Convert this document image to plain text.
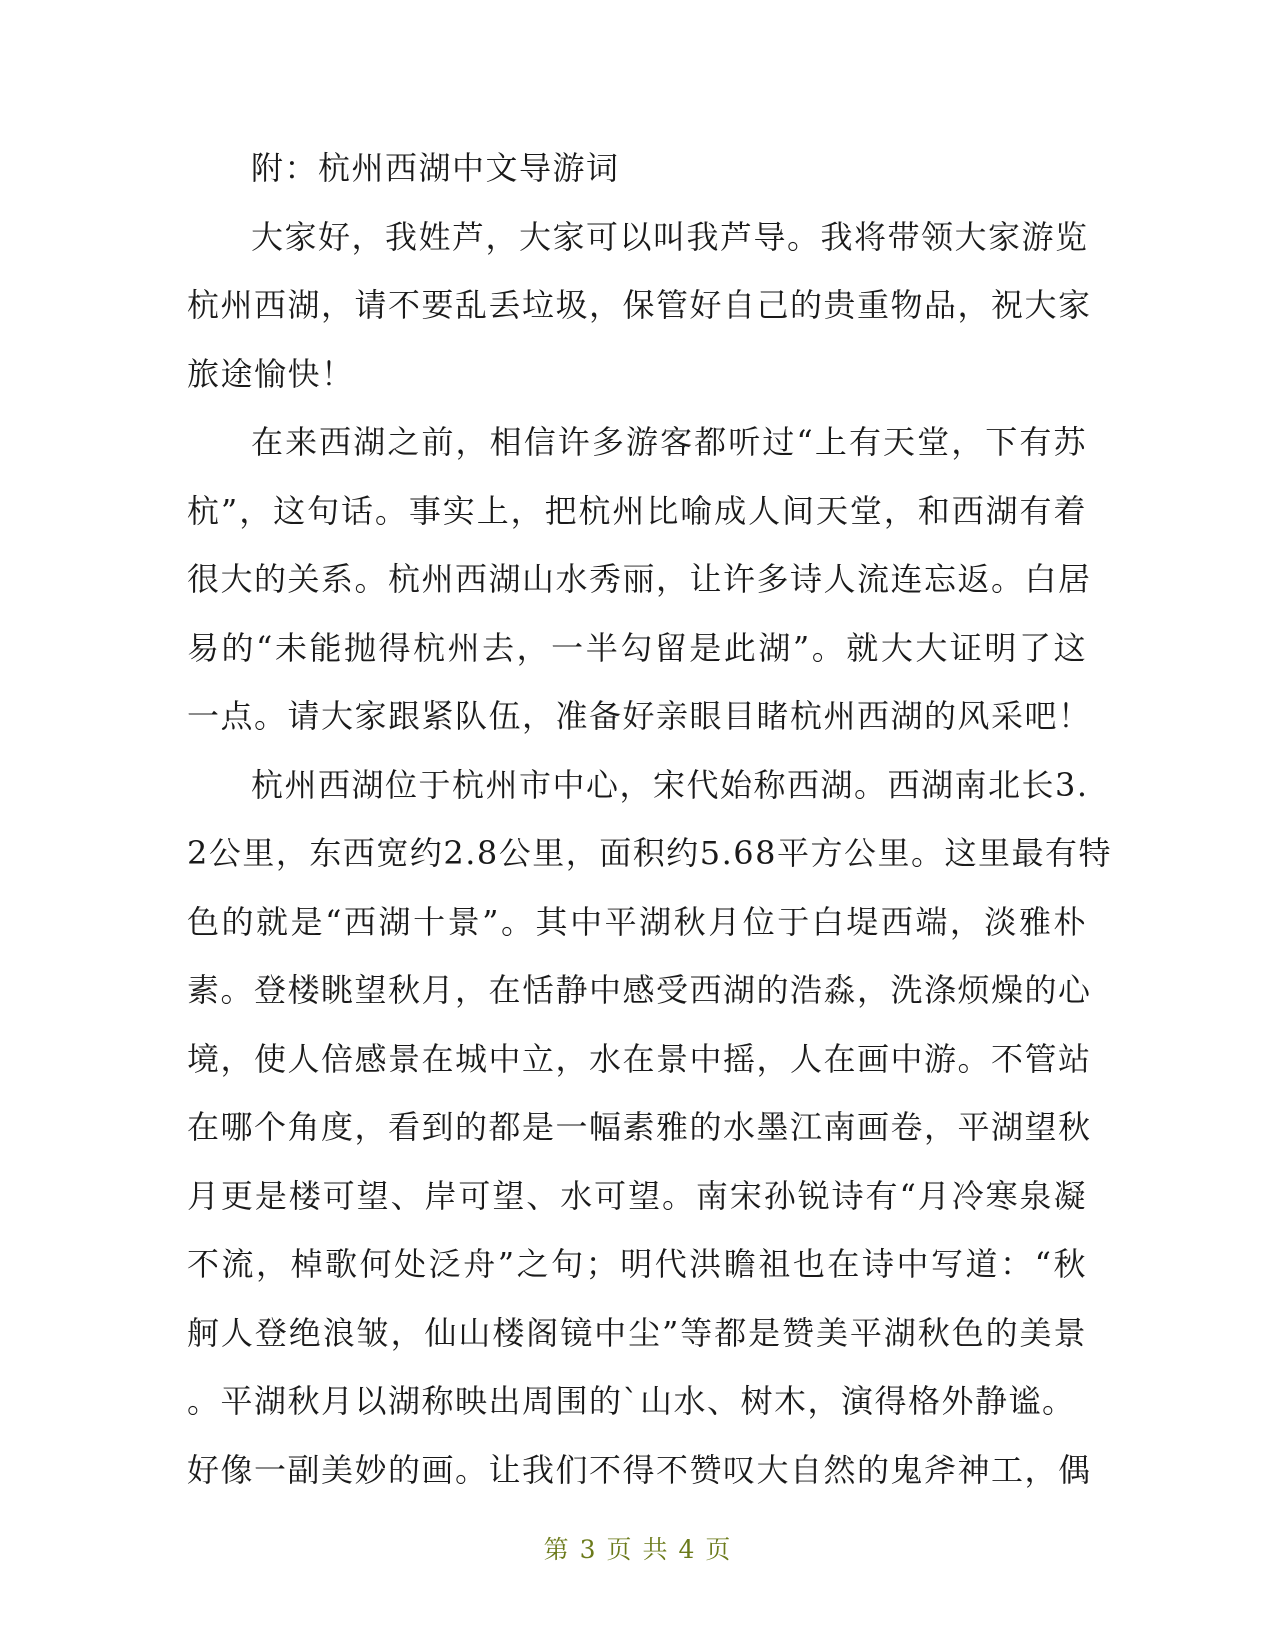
附：杭州西湖中文导游词
大家好，我姓芦，大家可以叫我芦导。我将带领大家游览
杭州西湖，请不要乱丢垃圾，保管好自己的贵重物品，祝大家
旅途愉快！
在来西湖之前，相信许多游客都听过“上有天堂，下有苏
杭”，这句话。事实上，把杭州比喻成人间天堂，和西湖有着
很大的关系。杭州西湖山水秀丽，让许多诗人流连忘返。白居
易的“未能抛得杭州去，一半勾留是此湖”。就大大证明了这
一点。请大家跟紧队伍，准备好亲眼目睹杭州西湖的风采吧！
杭州西湖位于杭州市中心，宋代始称西湖。西湖南北长3.
2公里，东西宽约2.8公里，面积约5.68平方公里。这里最有特
色的就是“西湖十景”。其中平湖秋月位于白堤西端，淡雅朴
素。登楼眺望秋月，在恬静中感受西湖的浩淼，洗涤烦燥的心
境，使人倍感景在城中立，水在景中摇，人在画中游。不管站
在哪个角度，看到的都是一幅素雅的水墨江南画卷，平湖望秋
月更是楼可望、岸可望、水可望。南宋孙锐诗有“月冷寒泉凝
不流，棹歌何处泛舟”之句；明代洪瞻祖也在诗中写道：“秋
舸人登绝浪皱，仙山楼阁镜中尘”等都是赞美平湖秋色的美景
。平湖秋月以湖称映出周围的`山水、树木，演得格外静谧。
好像一副美妙的画。让我们不得不赞叹大自然的鬼斧神工，偶
第 3 页 共 4 页
